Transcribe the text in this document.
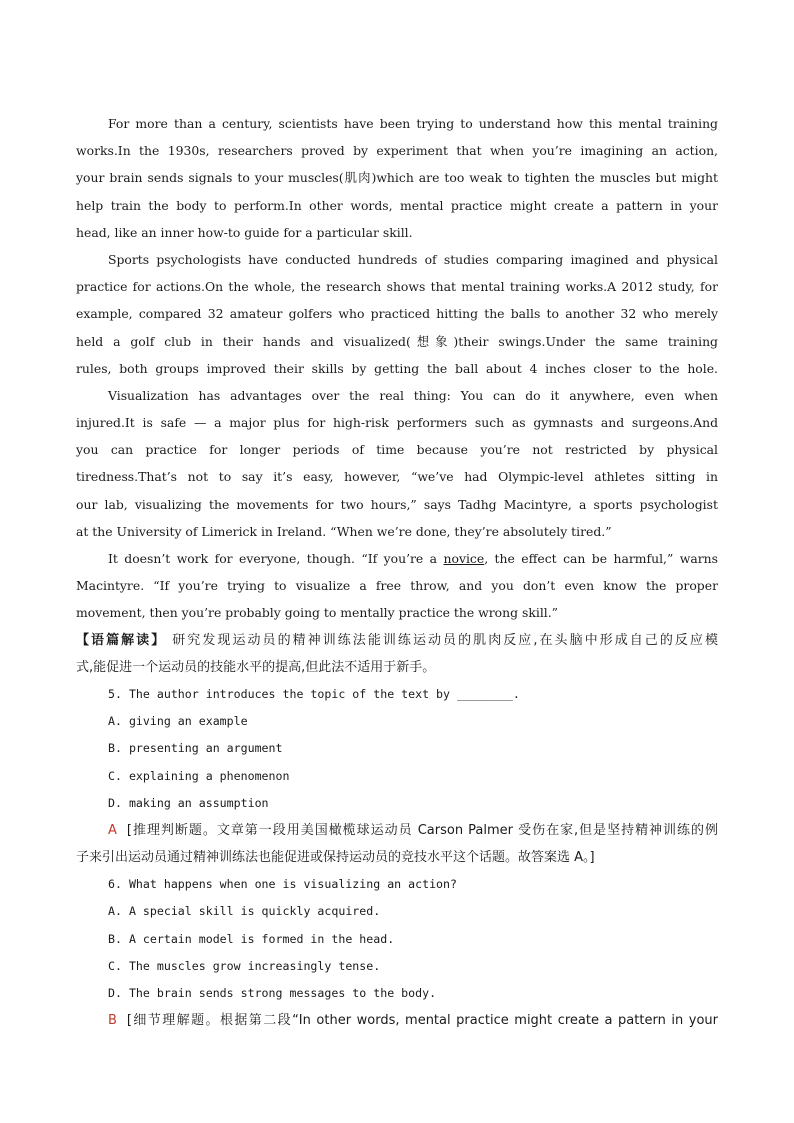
For more than a century, scientists have been trying to understand how this mental training
works.In the 1930s, researchers proved by experiment that when you’re imagining an action,
your brain sends signals to your muscles(肌肉)which are too weak to tighten the muscles but might
help train the body to perform.In other words, mental practice might create a pattern in your
head, like an inner how-to guide for a particular skill.
Sports psychologists have conducted hundreds of studies comparing imagined and physical
practice for actions.On the whole, the research shows that mental training works.A 2012 study, for
example, compared 32 amateur golfers who practiced hitting the balls to another 32 who merely
held a golf club in their hands and visualized(想象)their swings.Under the same training
rules, both groups improved their skills by getting the ball about 4 inches closer to the hole.
Visualization has advantages over the real thing: You can do it anywhere, even when
injured.It is safe — a major plus for high-risk performers such as gymnasts and surgeons.And
you can practice for longer periods of time because you’re not restricted by physical
tiredness.That’s not to say it’s easy, however, “we’ve had Olympic-level athletes sitting in
our lab, visualizing the movements for two hours,” says Tadhg Macintyre, a sports psychologist
at the University of Limerick in Ireland. “When we’re done, they’re absolutely tired.”
It doesn’t work for everyone, though. “If you’re a novice, the effect can be harmful,” warns
Macintyre. “If you’re trying to visualize a free throw, and you don’t even know the proper
movement, then you’re probably going to mentally practice the wrong skill.”
【语篇解读】 研究发现运动员的精神训练法能训练运动员的肌肉反应,在头脑中形成自己的反应模
式,能促进一个运动员的技能水平的提高,但此法不适用于新手。
5. The author introduces the topic of the text by ________.
A. giving an example
B. presenting an argument
C. explaining a phenomenon
D. making an assumption
A [推理判断题。文章第一段用美国橄榄球运动员 Carson Palmer 受伤在家,但是坚持精神训练的例
子来引出运动员通过精神训练法也能促进或保持运动员的竞技水平这个话题。故答案选 A。]
6. What happens when one is visualizing an action?
A. A special skill is quickly acquired.
B. A certain model is formed in the head.
C. The muscles grow increasingly tense.
D. The brain sends strong messages to the body.
B [细节理解题。根据第二段“In other words, mental practice might create a pattern in your
